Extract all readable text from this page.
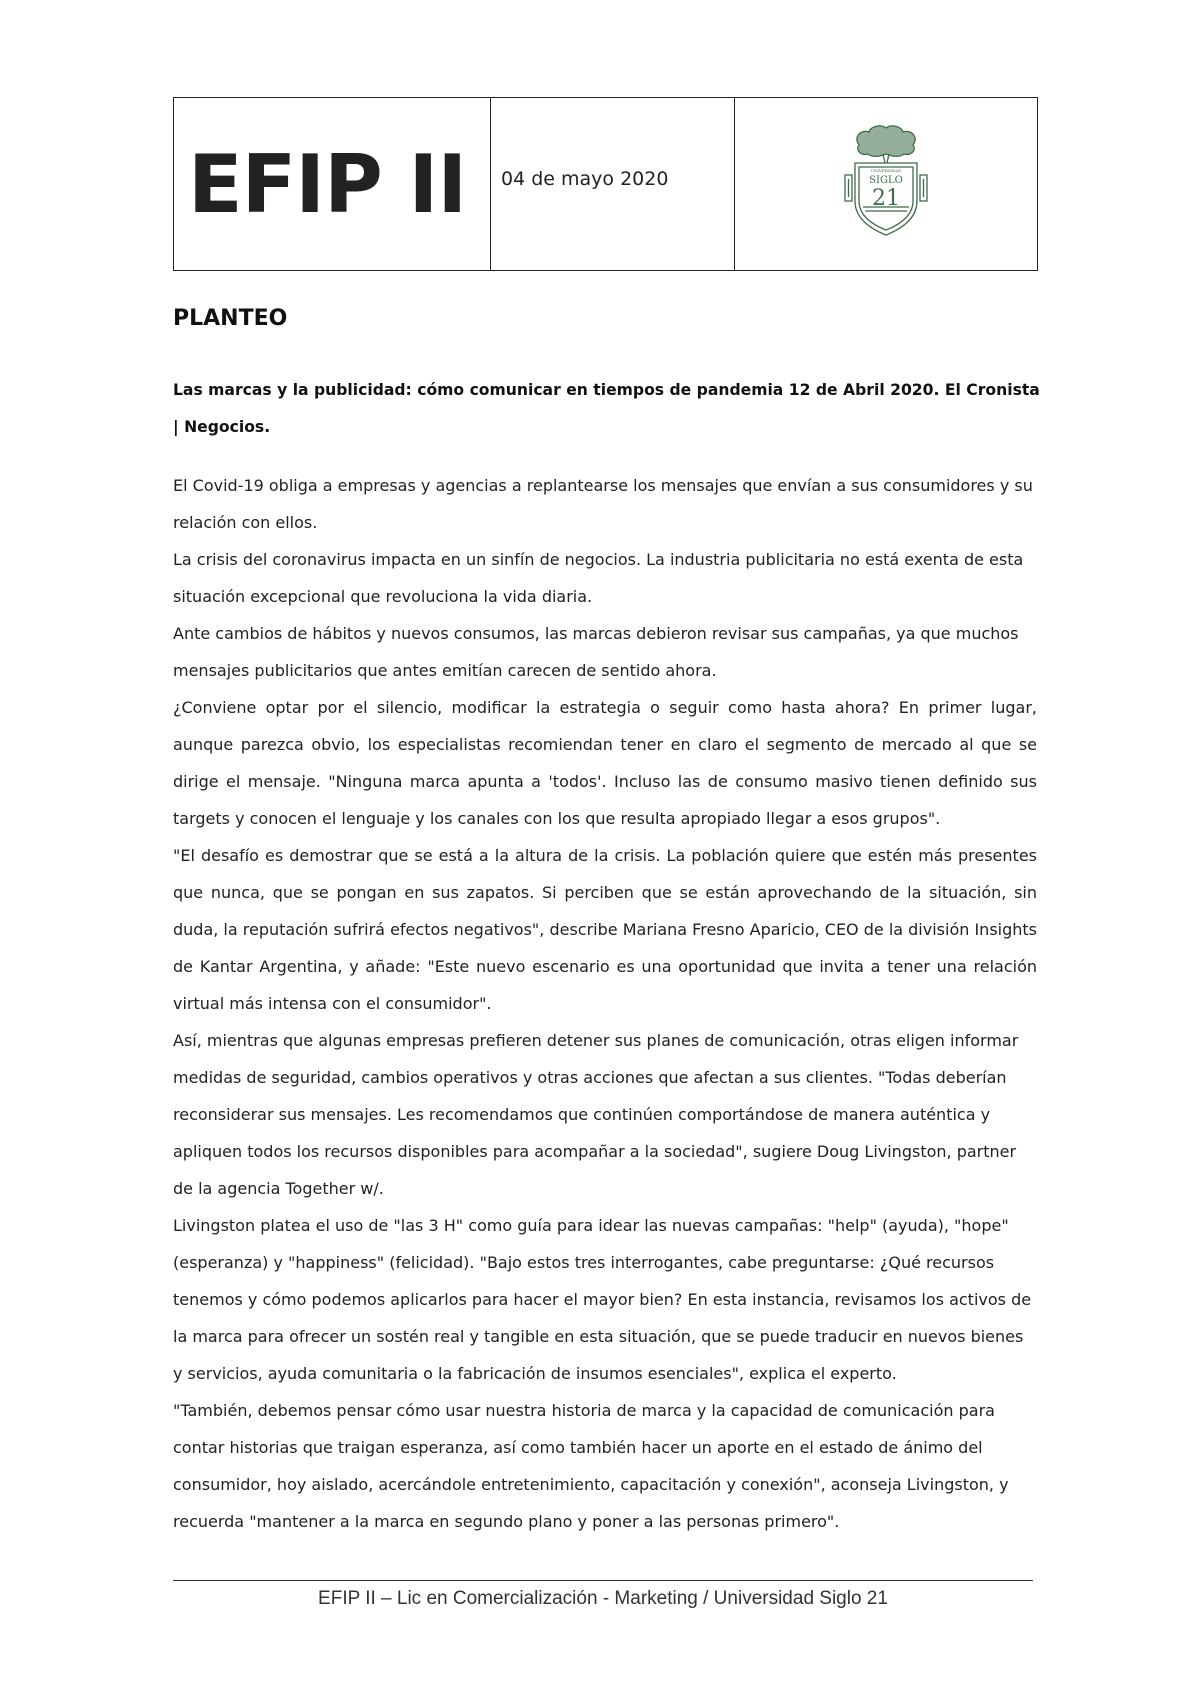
EFIP II 04 de mayo 2020	UNIVERSIDAD
SIGLO
21
PLANTEO
Las marcas y la publicidad: cómo comunicar en tiempos de pandemia 12 de Abril 2020. El Cronista | Negocios.

El Covid-19 obliga a empresas y agencias a replantearse los mensajes que envían a sus consumidores y su relación con ellos.

La crisis del coronavirus impacta en un sinfín de negocios. La industria publicitaria no está exenta de esta situación excepcional que revoluciona la vida diaria.

Ante cambios de hábitos y nuevos consumos, las marcas debieron revisar sus campañas, ya que muchos mensajes publicitarios que antes emitían carecen de sentido ahora.

¿Conviene optar por el silencio, modificar la estrategia o seguir como hasta ahora? En primer lugar, aunque parezca obvio, los especialistas recomiendan tener en claro el segmento de mercado al que se dirige el mensaje. "Ninguna marca apunta a 'todos'. Incluso las de consumo masivo tienen definido sus targets y conocen el lenguaje y los canales con los que resulta apropiado llegar a esos grupos".

"El desafío es demostrar que se está a la altura de la crisis. La población quiere que estén más presentes que nunca, que se pongan en sus zapatos. Si perciben que se están aprovechando de la situación, sin duda, la reputación sufrirá efectos negativos", describe Mariana Fresno Aparicio, CEO de la división Insights de Kantar Argentina, y añade: "Este nuevo escenario es una oportunidad que invita a tener una relación virtual más intensa con el consumidor".

Así, mientras que algunas empresas prefieren detener sus planes de comunicación, otras eligen informar medidas de seguridad, cambios operativos y otras acciones que afectan a sus clientes. "Todas deberían reconsiderar sus mensajes. Les recomendamos que continúen comportándose de manera auténtica y apliquen todos los recursos disponibles para acompañar a la sociedad", sugiere Doug Livingston, partner de la agencia Together w/.

Livingston platea el uso de "las 3 H" como guía para idear las nuevas campañas: "help" (ayuda), "hope" (esperanza) y "happiness" (felicidad). "Bajo estos tres interrogantes, cabe preguntarse: ¿Qué recursos tenemos y cómo podemos aplicarlos para hacer el mayor bien? En esta instancia, revisamos los activos de la marca para ofrecer un sostén real y tangible en esta situación, que se puede traducir en nuevos bienes y servicios, ayuda comunitaria o la fabricación de insumos esenciales", explica el experto.

"También, debemos pensar cómo usar nuestra historia de marca y la capacidad de comunicación para contar historias que traigan esperanza, así como también hacer un aporte en el estado de ánimo del consumidor, hoy aislado, acercándole entretenimiento, capacitación y conexión", aconseja Livingston, y recuerda "mantener a la marca en segundo plano y poner a las personas primero".

EFIP II – Lic en Comercialización - Marketing / Universidad Siglo 21
